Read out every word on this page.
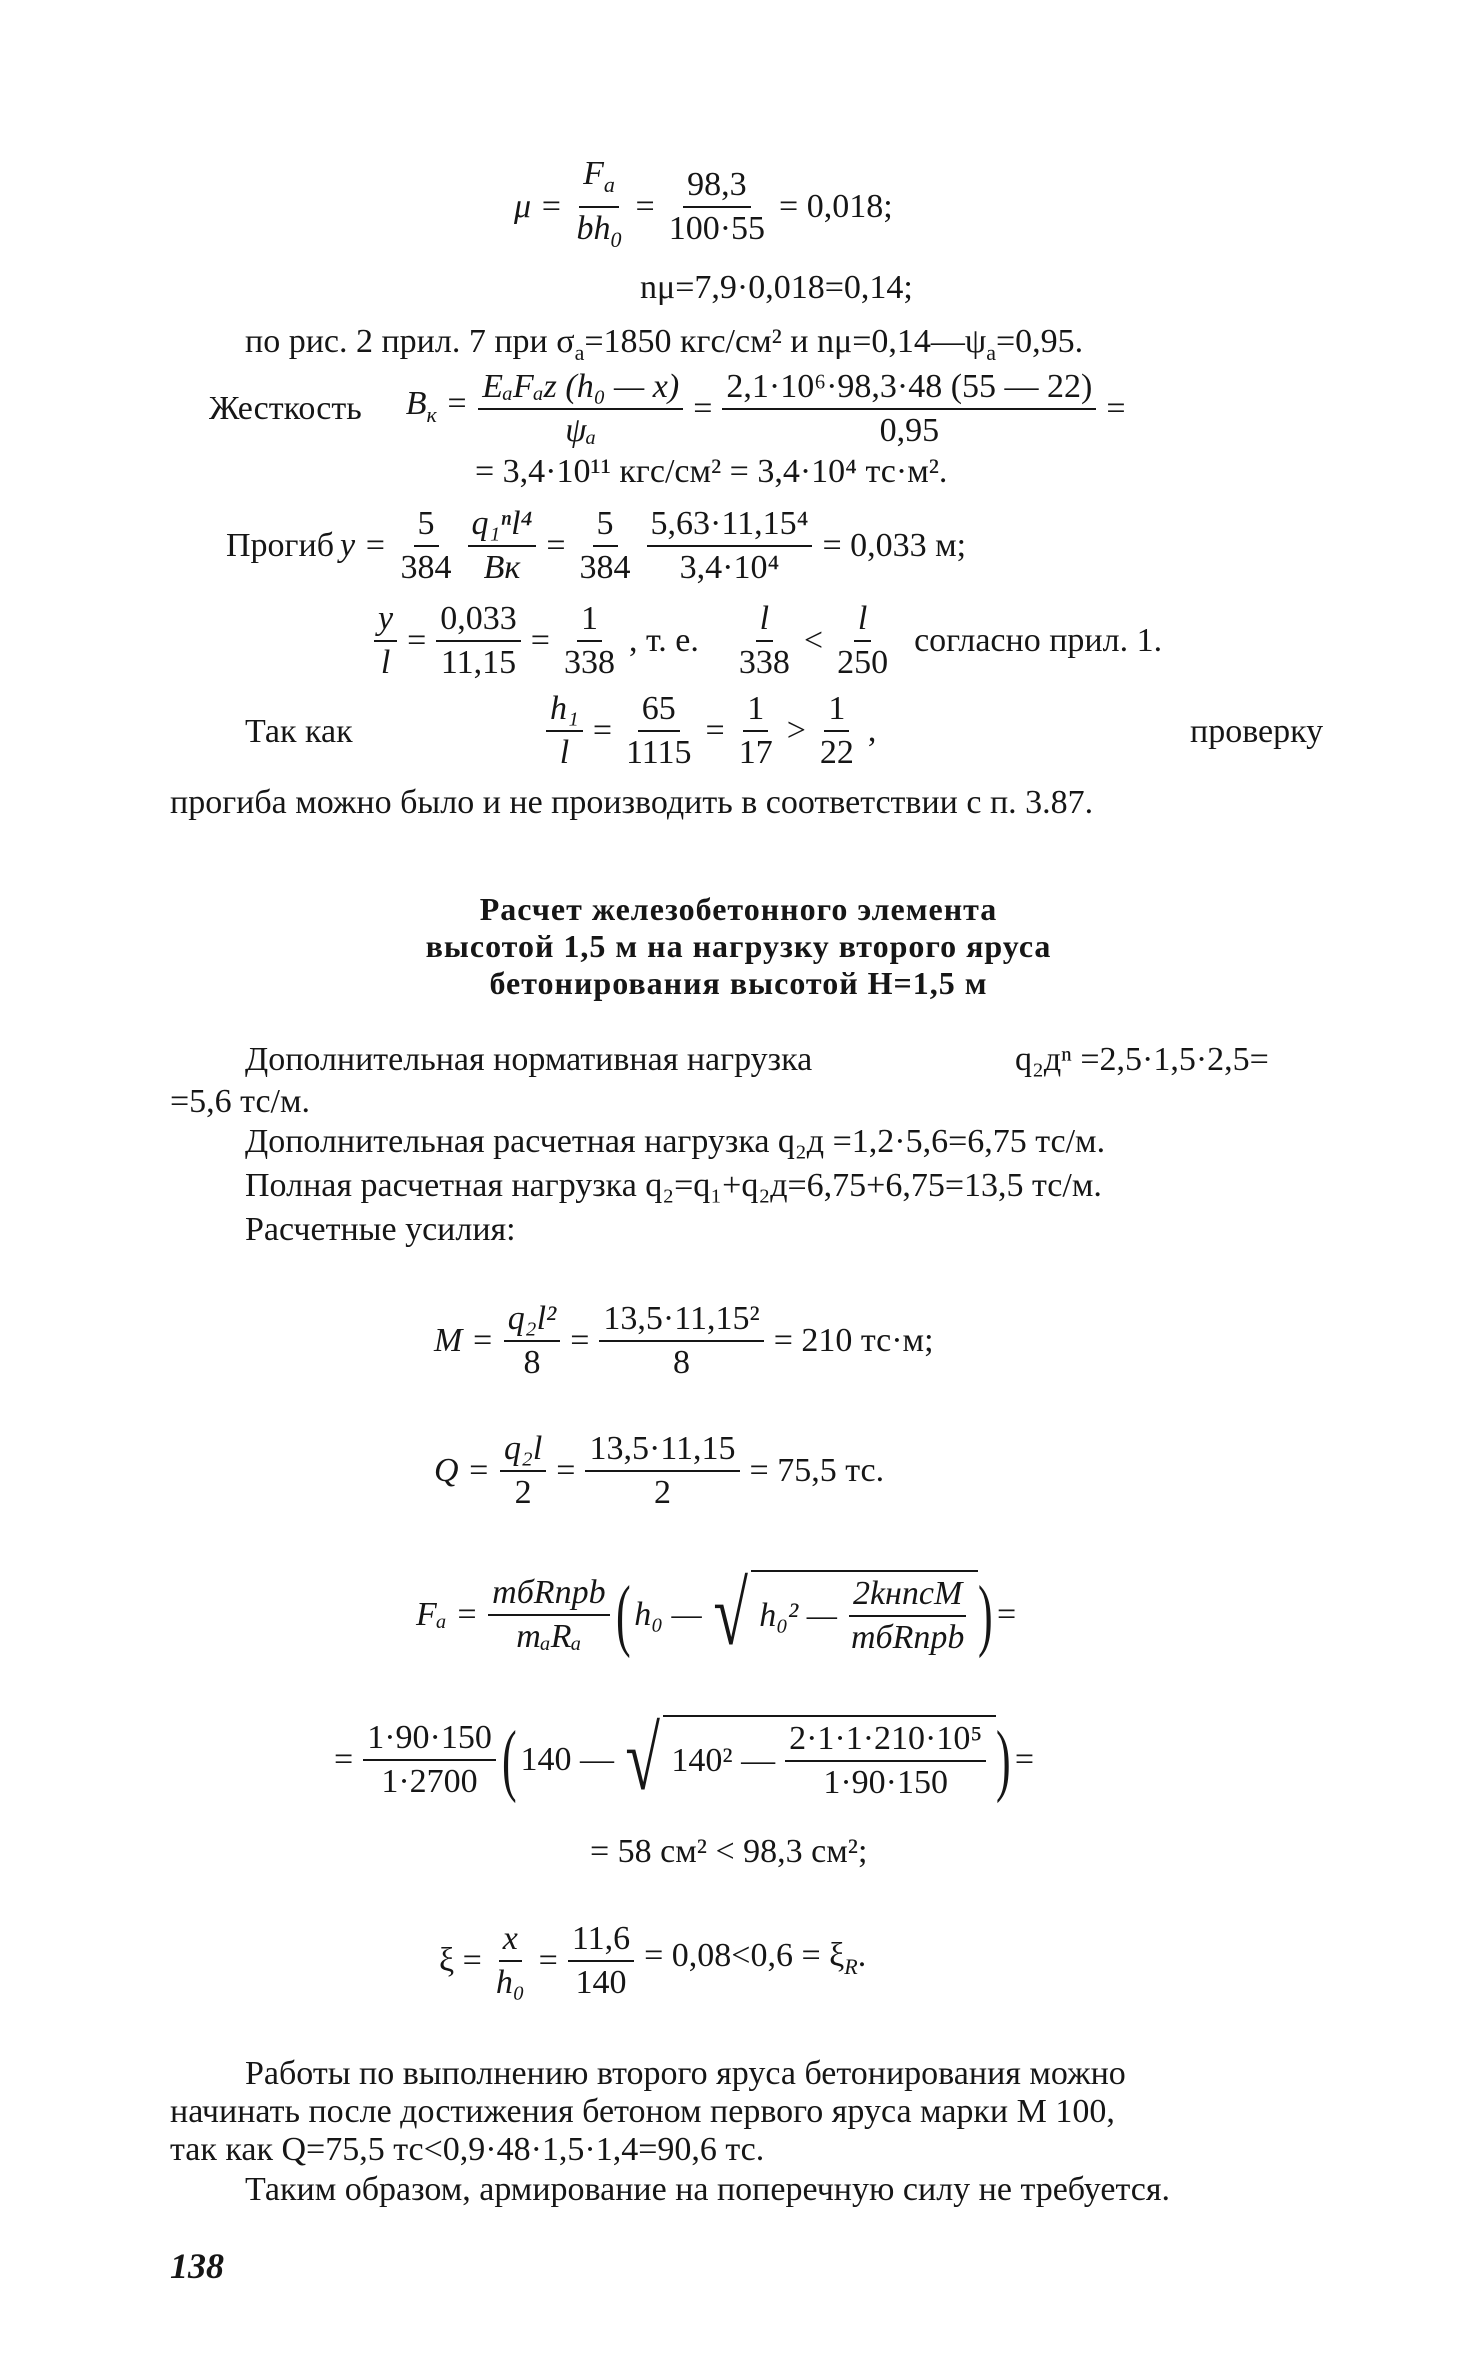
$\mu = \frac{F_a}{bh_0} = \frac{98,3}{100\cdot 55} = 0,018$;
nμ=7,9·0,018=0,14;
по рис. 2 прил. 7 при $\sigma_a=1850$ кгс/см² и $n\mu=0,14—\psi_a=0,95$.
Жесткость $B_к = \frac{\text{EₐFₐz (h₀ — x)}}{\text{ψₐ}} = \frac{\text{2,1·10⁶·98,3·48 (55 — 22)}}{0,95}$ =
= 3,4·10¹¹ кгс/см² = 3,4·10⁴ тс·м².
Прогиб $y = \frac{5}{384} \frac{\text{q₁ⁿl⁴}}{Bк} = \frac{5}{384} \frac{\text{5,63·11,15⁴}}{\text{3,4·10⁴}} = 0,033$ м;
$\frac{y}{l} = \frac{0,033}{11,15} = \frac{1}{338}$ , т. е. $\frac{l}{338} < \frac{l}{250}$ согласно прил. 1.
Так как	$\frac{\text{h₁}}{l} = \frac{65}{1115} = \frac{1}{17} > \frac{1}{22}$ ,	проверку
прогиба можно было и не производить в соответствии с п. 3.87.
Расчет железобетонного элемента
высотой 1,5 м на нагрузку второго яруса
бетонирования высотой H=1,5 м
Дополнительная нормативная нагрузка	q₂дⁿ =2,5·1,5·2,5=
=5,6 тс/м.
Дополнительная расчетная нагрузка q₂д =1,2·5,6=6,75 тс/м.
Полная расчетная нагрузка q₂=q₁+q₂д=6,75+6,75=13,5 тс/м.
Расчетные усилия:
$M = \frac{\text{q₂l²}}{8} = \frac{\text{13,5·11,15²}}{8} = 210$ тс·м;
$Q = \frac{\text{q₂l}}{2} = \frac{13,5\cdot 11,15}{2} = 75,5$ тс.
$F_a = \frac{\text{mбRпрb}}{\text{mₐRₐ}}$ ( h₀ — √ h₀² — $\frac{\text{2kнnсM}}{\text{mбRпрb}}$ ) =
= $\frac{1\cdot 90\cdot 150}{1\cdot 2700}$ ( 140 — √ 140² — $\frac{\text{2·1·1·210·10⁵}}{1\cdot 90\cdot 150}$ ) =
= 58 см² < 98,3 см²;
$\xi = \frac{x}{\text{h₀}} = \frac{11,6}{140} = 0,08<0,6 = \xi_R$.
Работы по выполнению второго яруса бетонирования можно
начинать после достижения бетоном первого яруса марки M 100,
так как Q=75,5 тс<0,9·48·1,5·1,4=90,6 тс.
Таким образом, армирование на поперечную силу не требуется.
138
